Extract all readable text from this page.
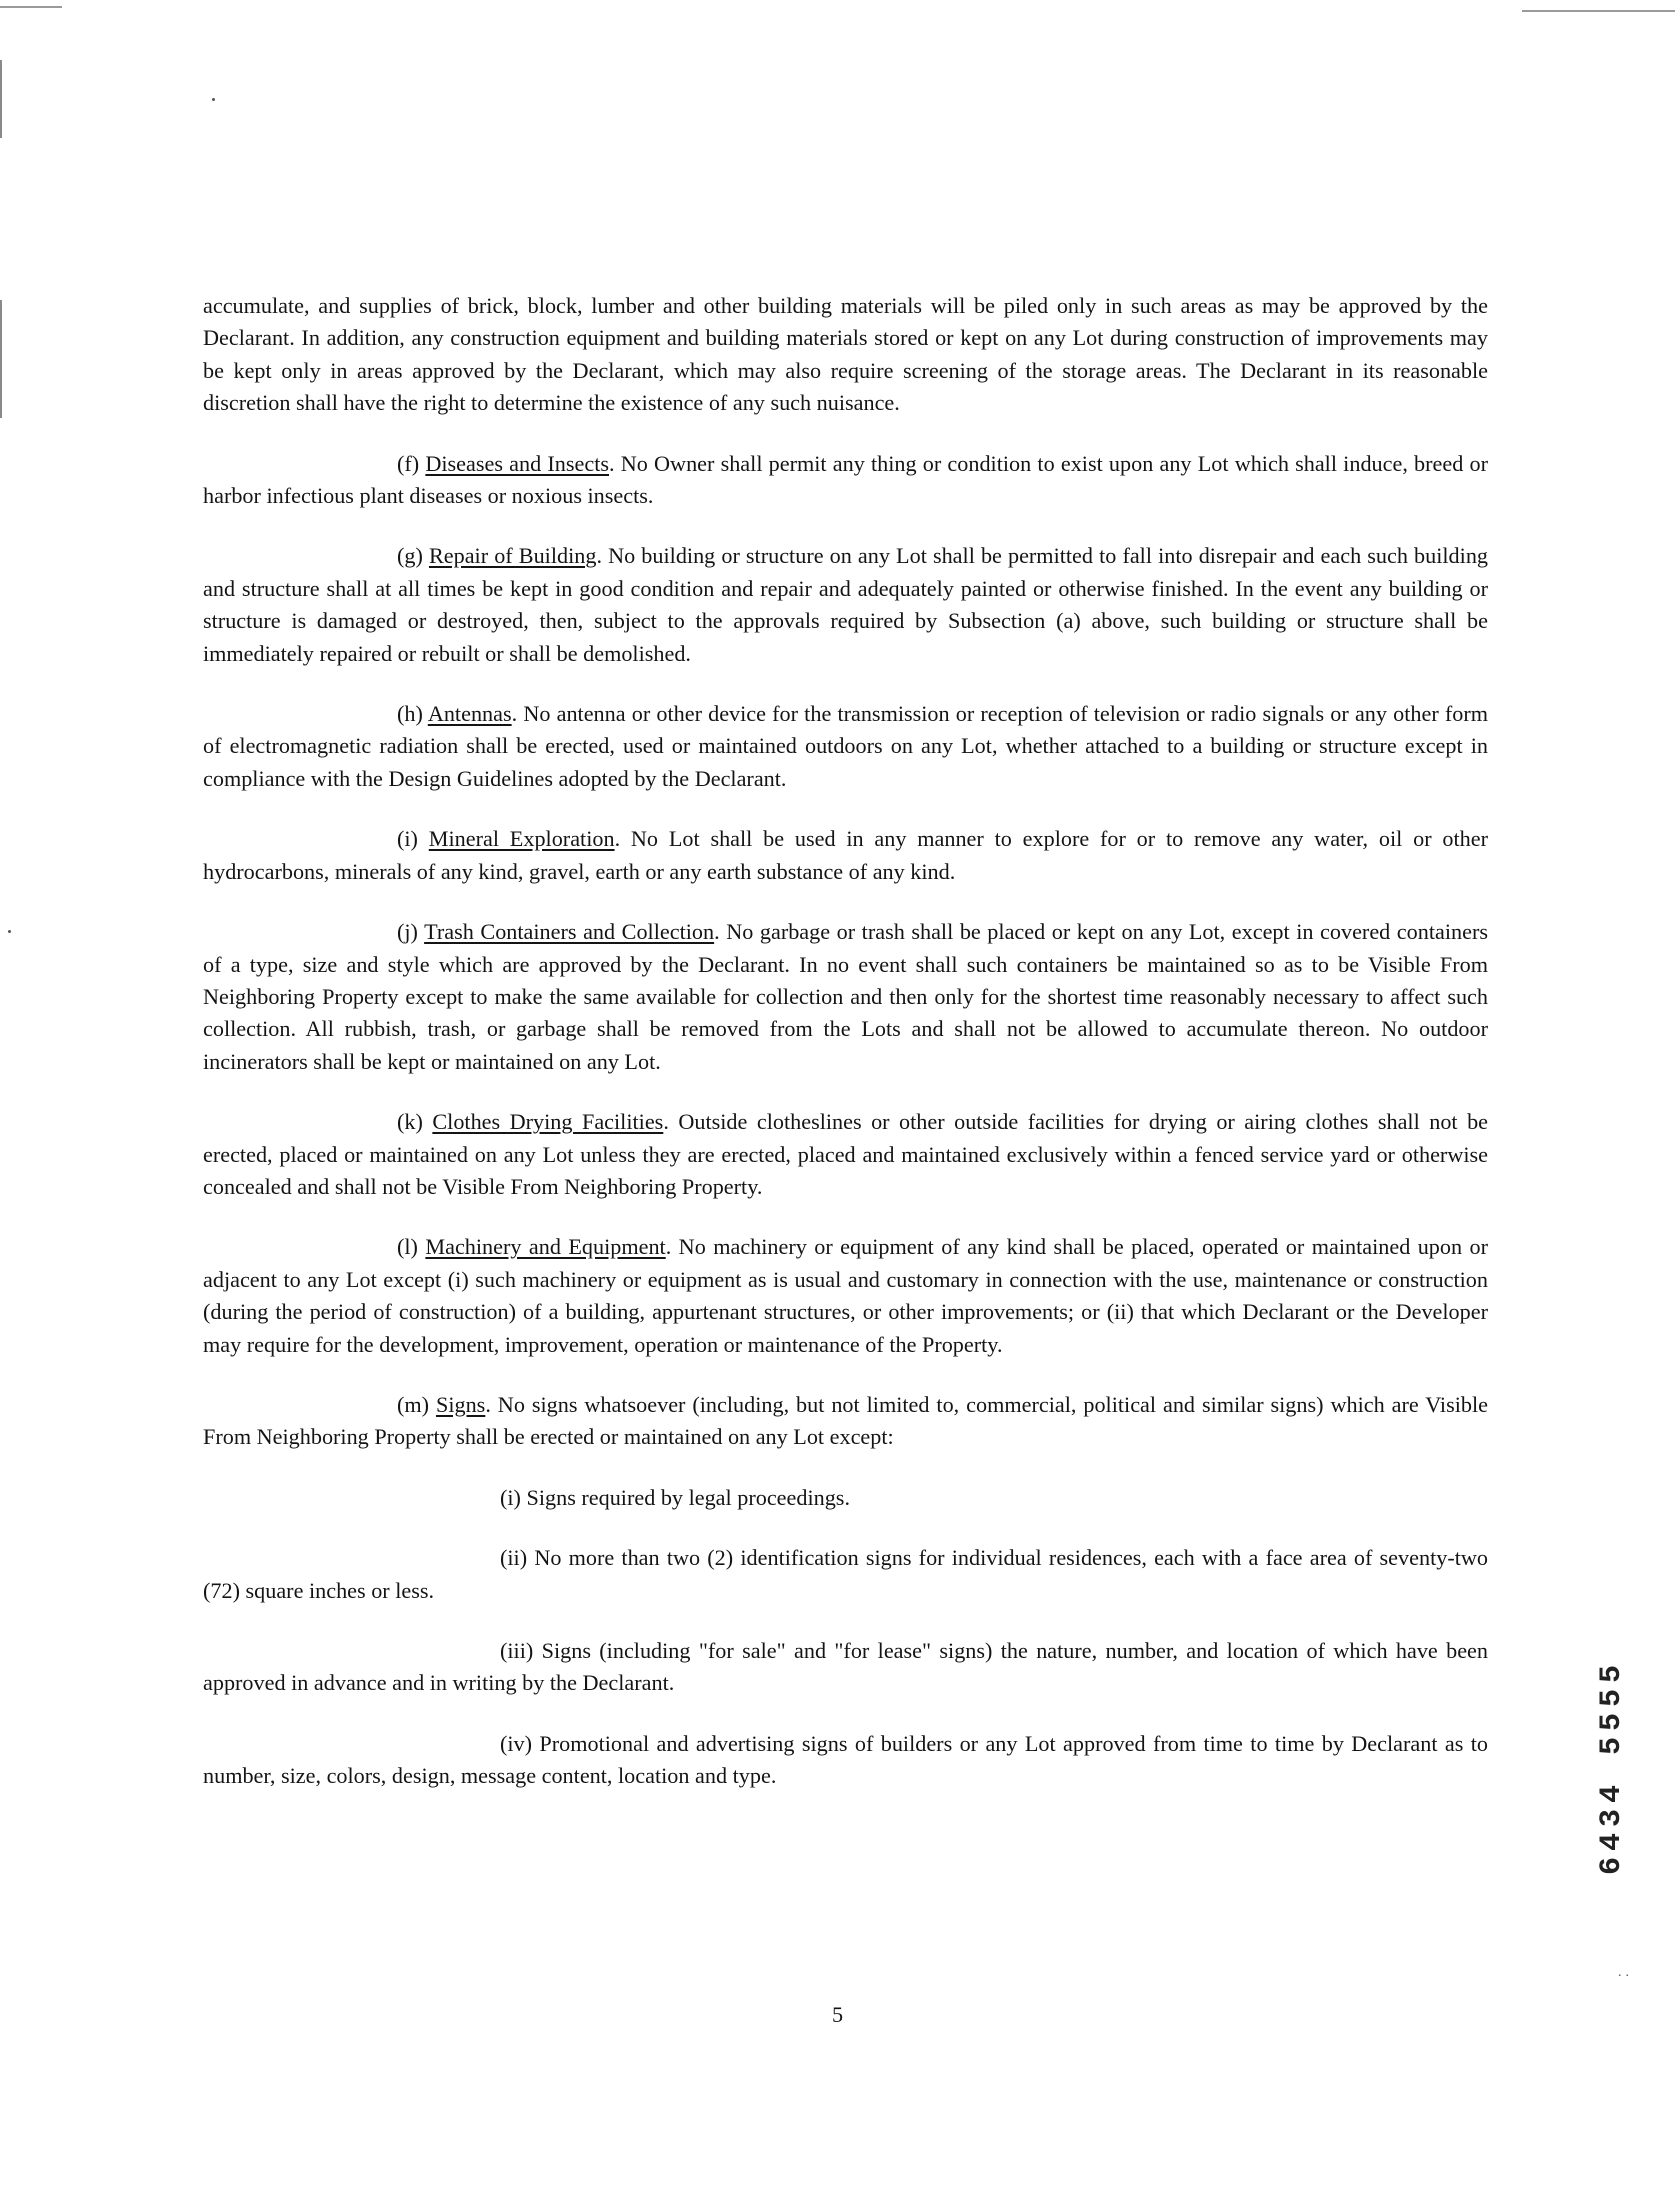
accumulate, and supplies of brick, block, lumber and other building materials will be piled only in such areas as may be approved by the Declarant. In addition, any construction equipment and building materials stored or kept on any Lot during construction of improvements may be kept only in areas approved by the Declarant, which may also require screening of the storage areas. The Declarant in its reasonable discretion shall have the right to determine the existence of any such nuisance.

(f) Diseases and Insects. No Owner shall permit any thing or condition to exist upon any Lot which shall induce, breed or harbor infectious plant diseases or noxious insects.

(g) Repair of Building. No building or structure on any Lot shall be permitted to fall into disrepair and each such building and structure shall at all times be kept in good condition and repair and adequately painted or otherwise finished. In the event any building or structure is damaged or destroyed, then, subject to the approvals required by Subsection (a) above, such building or structure shall be immediately repaired or rebuilt or shall be demolished.

(h) Antennas. No antenna or other device for the transmission or reception of television or radio signals or any other form of electromagnetic radiation shall be erected, used or maintained outdoors on any Lot, whether attached to a building or structure except in compliance with the Design Guidelines adopted by the Declarant.

(i) Mineral Exploration. No Lot shall be used in any manner to explore for or to remove any water, oil or other hydrocarbons, minerals of any kind, gravel, earth or any earth substance of any kind.

(j) Trash Containers and Collection. No garbage or trash shall be placed or kept on any Lot, except in covered containers of a type, size and style which are approved by the Declarant. In no event shall such containers be maintained so as to be Visible From Neighboring Property except to make the same available for collection and then only for the shortest time reasonably necessary to affect such collection. All rubbish, trash, or garbage shall be removed from the Lots and shall not be allowed to accumulate thereon. No outdoor incinerators shall be kept or maintained on any Lot.

(k) Clothes Drying Facilities. Outside clotheslines or other outside facilities for drying or airing clothes shall not be erected, placed or maintained on any Lot unless they are erected, placed and maintained exclusively within a fenced service yard or otherwise concealed and shall not be Visible From Neighboring Property.

(l) Machinery and Equipment. No machinery or equipment of any kind shall be placed, operated or maintained upon or adjacent to any Lot except (i) such machinery or equipment as is usual and customary in connection with the use, maintenance or construction (during the period of construction) of a building, appurtenant structures, or other improvements; or (ii) that which Declarant or the Developer may require for the development, improvement, operation or maintenance of the Property.

(m) Signs. No signs whatsoever (including, but not limited to, commercial, political and similar signs) which are Visible From Neighboring Property shall be erected or maintained on any Lot except:

(i) Signs required by legal proceedings.

(ii) No more than two (2) identification signs for individual residences, each with a face area of seventy-two (72) square inches or less.

(iii) Signs (including "for sale" and "for lease" signs) the nature, number, and location of which have been approved in advance and in writing by the Declarant.

(iv) Promotional and advertising signs of builders or any Lot approved from time to time by Declarant as to number, size, colors, design, message content, location and type.

5
6434 5555
..
